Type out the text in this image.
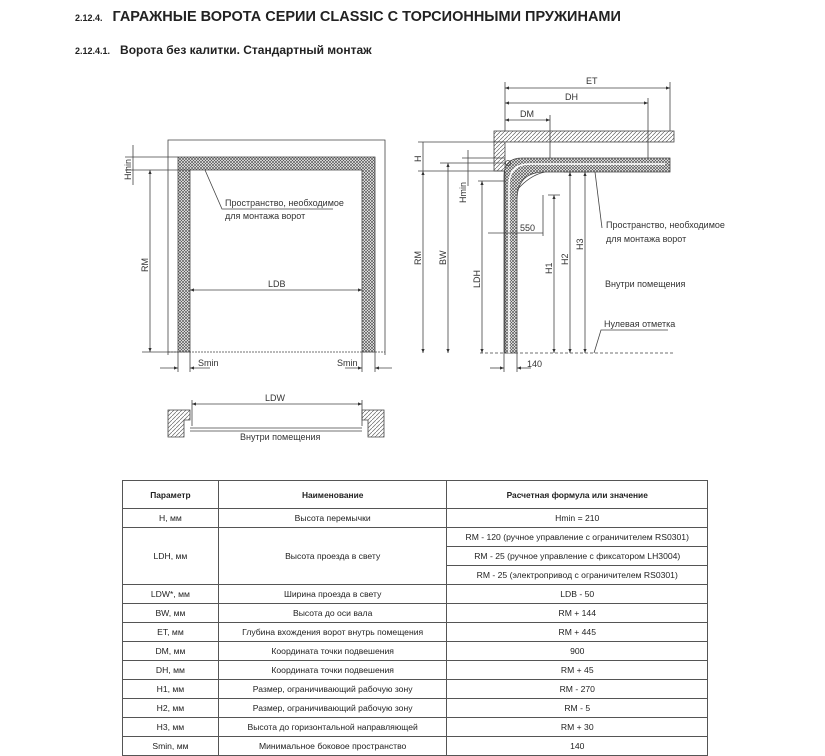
2.12.4. ГАРАЖНЫЕ ВОРОТА СЕРИИ CLASSIC С ТОРСИОННЫМИ ПРУЖИНАМИ
2.12.4.1. Ворота без калитки. Стандартный монтаж
Hmin
RM
LDB
Smin	Smin
Пространство, необходимое
для монтажа ворот
LDW
Внутри помещения
ET
DH
DM
H
Hmin
RM BW
LDH
550
H1
H2
H3
140
Пространство, необходимое
для монтажа ворот
Внутри помещения
Нулевая отметка
Параметр	Наименование	Расчетная формула или значение
H, мм	Высота перемычки	Hmin = 210
LDH, мм	Высота проезда в свету	RM - 120 (ручное управление с ограничителем RS0301)
		RM - 25 (ручное управление с фиксатором LH3004)
		RM - 25 (электропривод с ограничителем RS0301)
LDW*, мм	Ширина проезда в свету	LDB - 50
BW, мм	Высота до оси вала	RM + 144
ET, мм	Глубина вхождения ворот внутрь помещения	RM + 445
DM, мм	Координата точки подвешения	900
DH, мм	Координата точки подвешения	RM + 45
H1, мм	Размер, ограничивающий рабочую зону	RM - 270
H2, мм	Размер, ограничивающий рабочую зону	RM - 5
H3, мм	Высота до горизонтальной направляющей	RM + 30
Smin, мм	Минимальное боковое пространство	140
